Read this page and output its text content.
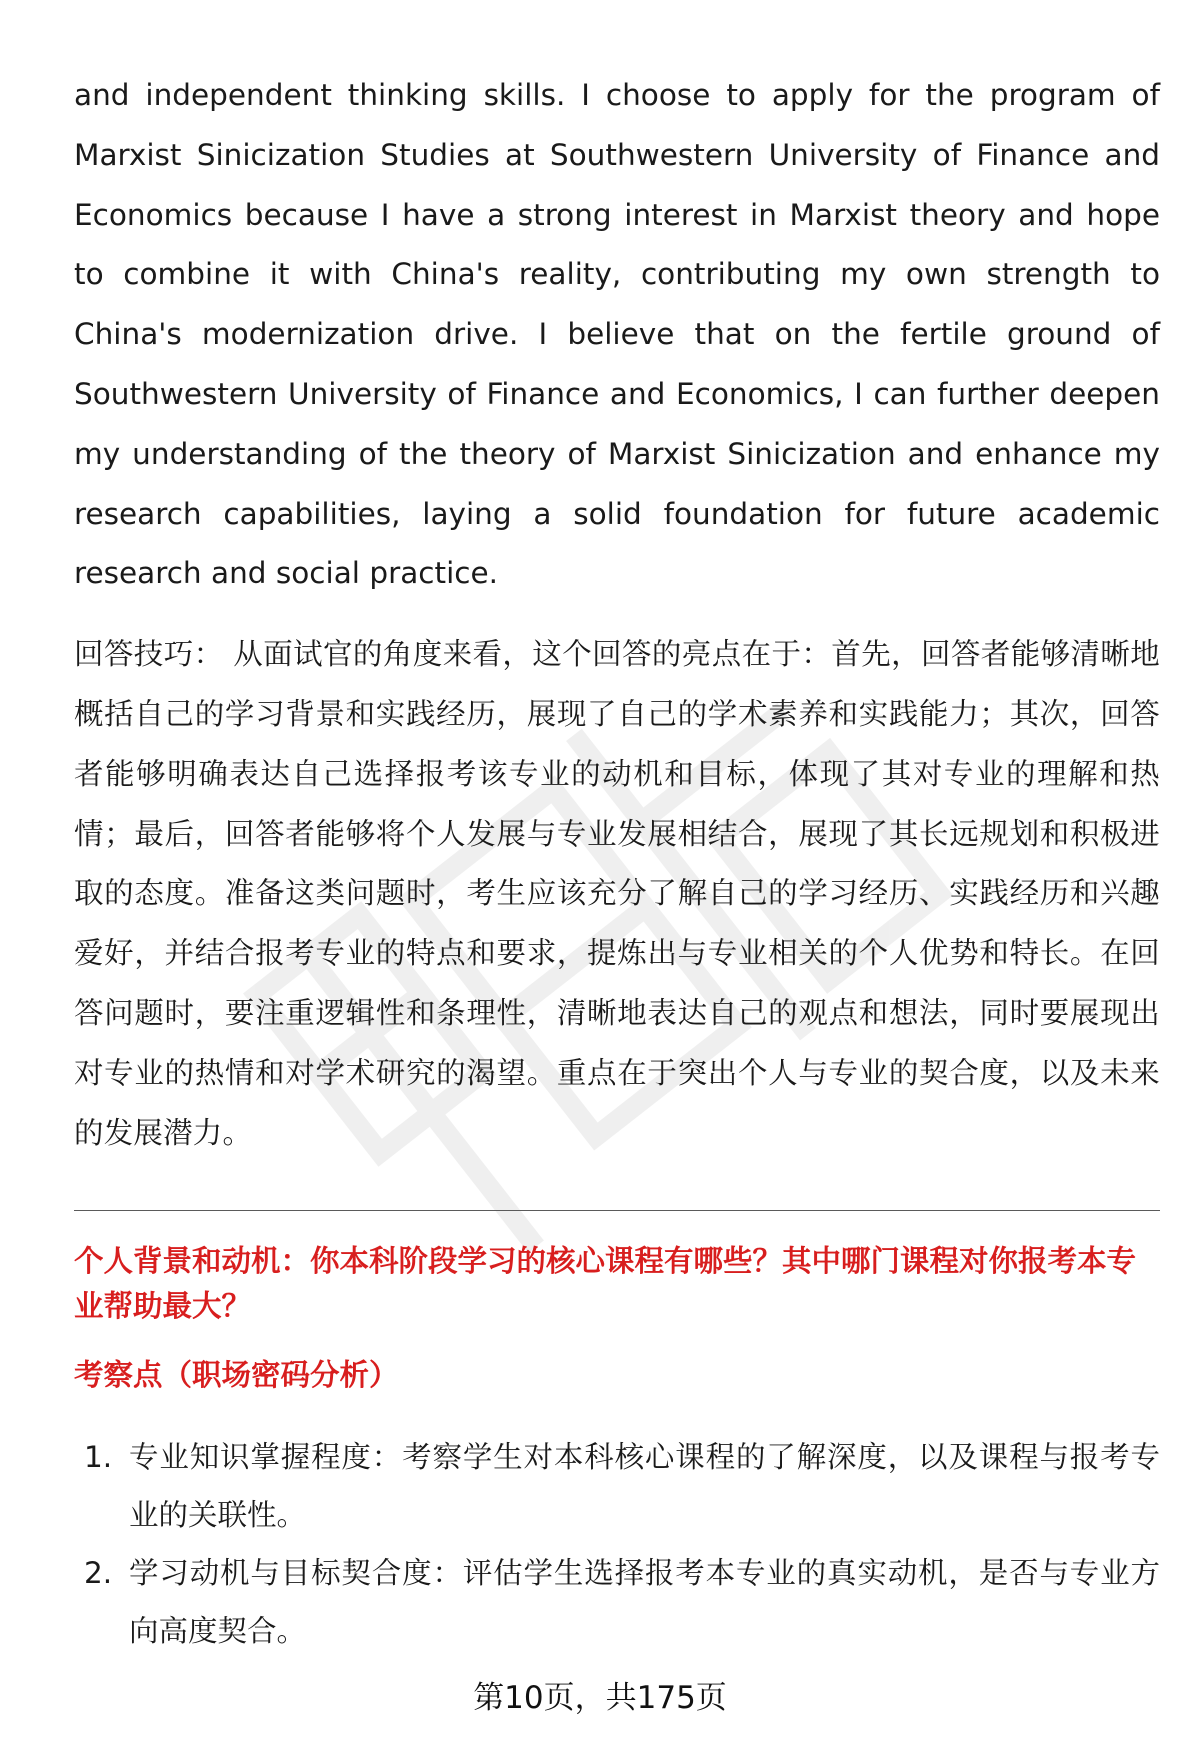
and independent thinking skills. I choose to apply for the program of Marxist Sinicization Studies at Southwestern University of Finance and Economics because I have a strong interest in Marxist theory and hope to combine it with China's reality, contributing my own strength to China's modernization drive. I believe that on the fertile ground of Southwestern University of Finance and Economics, I can further deepen my understanding of the theory of Marxist Sinicization and enhance my research capabilities, laying a solid foundation for future academic research and social practice.

回答技巧： 从面试官的角度来看，这个回答的亮点在于：首先，回答者能够清晰地概括自己的学习背景和实践经历，展现了自己的学术素养和实践能力；其次，回答者能够明确表达自己选择报考该专业的动机和目标，体现了其对专业的理解和热情；最后，回答者能够将个人发展与专业发展相结合，展现了其长远规划和积极进取的态度。准备这类问题时，考生应该充分了解自己的学习经历、实践经历和兴趣爱好，并结合报考专业的特点和要求，提炼出与专业相关的个人优势和特长。在回答问题时，要注重逻辑性和条理性，清晰地表达自己的观点和想法，同时要展现出对专业的热情和对学术研究的渴望。重点在于突出个人与专业的契合度，以及未来的发展潜力。

个人背景和动机：你本科阶段学习的核心课程有哪些？其中哪门课程对你报考本专业帮助最大？
考察点（职场密码分析）
1. 专业知识掌握程度：考察学生对本科核心课程的了解深度，以及课程与报考专业的关联性。
2. 学习动机与目标契合度：评估学生选择报考本专业的真实动机，是否与专业方向高度契合。
第10页，共175页
